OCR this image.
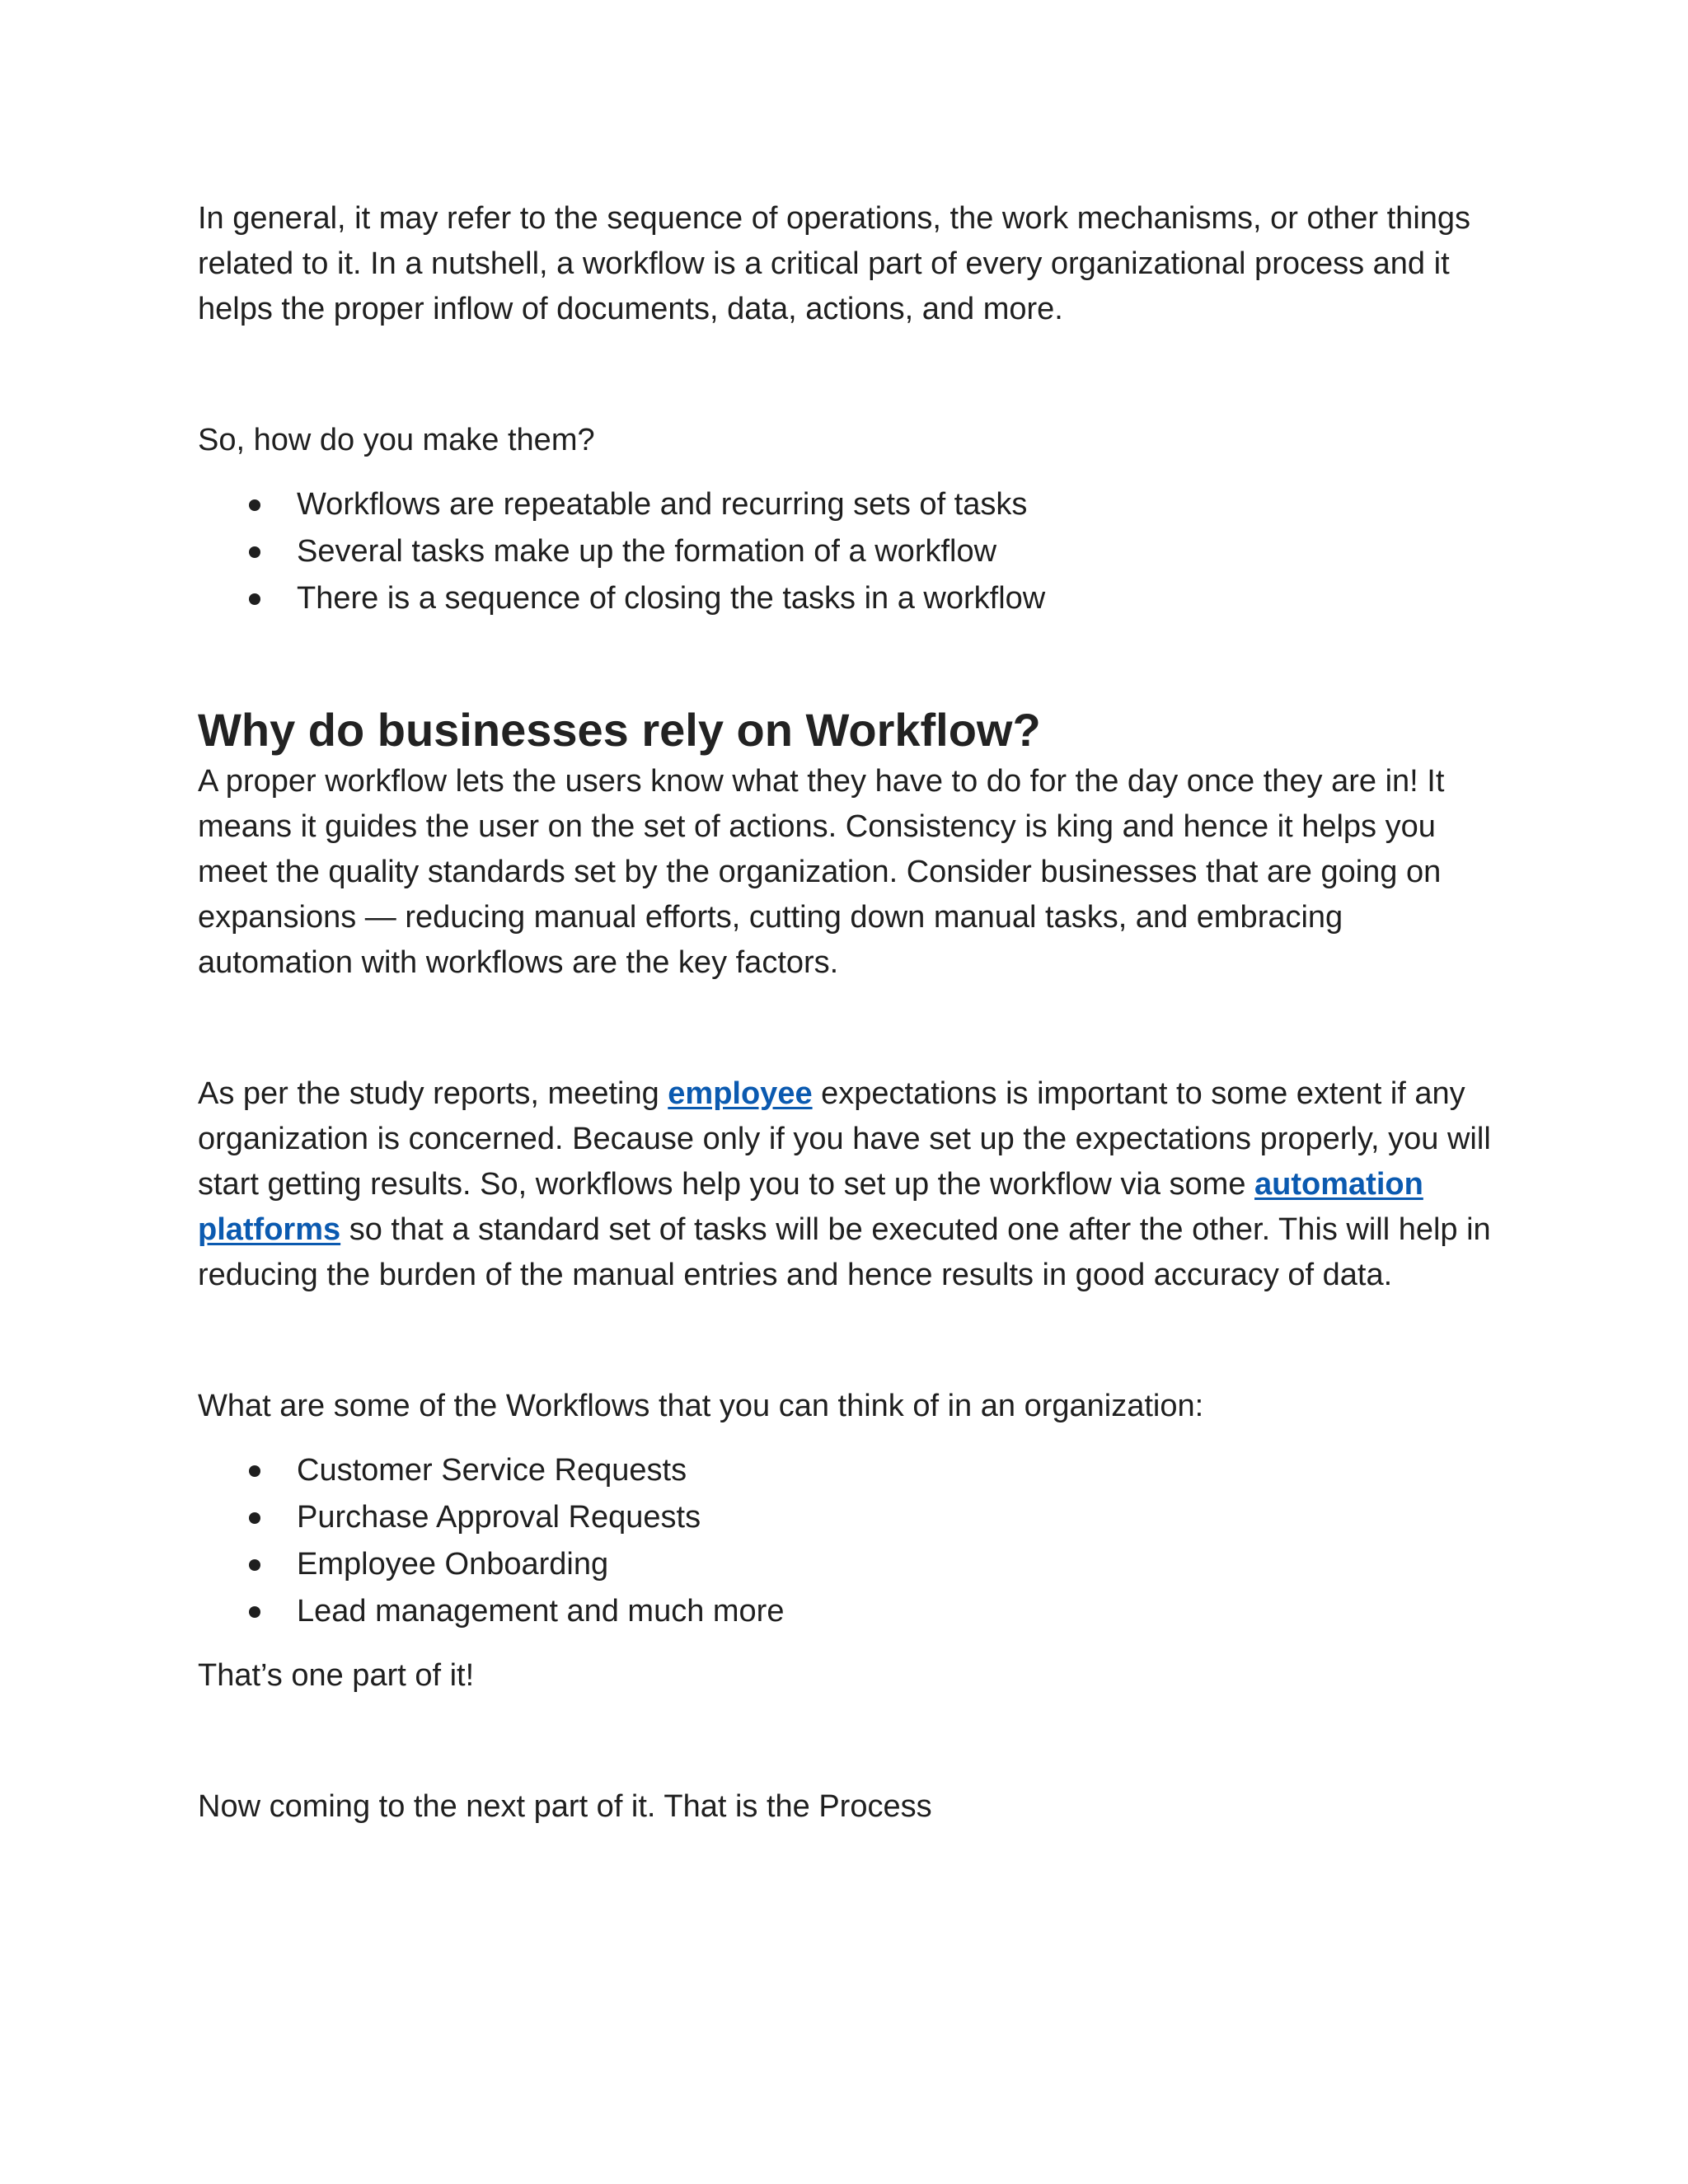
In general, it may refer to the sequence of operations, the work mechanisms, or other things related to it. In a nutshell, a workflow is a critical part of every organizational process and it helps the proper inflow of documents, data, actions, and more.

So, how do you make them?

Workflows are repeatable and recurring sets of tasks
Several tasks make up the formation of a workflow
There is a sequence of closing the tasks in a workflow
Why do businesses rely on Workflow?

A proper workflow lets the users know what they have to do for the day once they are in! It means it guides the user on the set of actions. Consistency is king and hence it helps you meet the quality standards set by the organization. Consider businesses that are going on expansions — reducing manual efforts, cutting down manual tasks, and embracing automation with workflows are the key factors.

As per the study reports, meeting employee expectations is important to some extent if any organization is concerned. Because only if you have set up the expectations properly, you will start getting results. So, workflows help you to set up the workflow via some automation platforms so that a standard set of tasks will be executed one after the other. This will help in reducing the burden of the manual entries and hence results in good accuracy of data.

What are some of the Workflows that you can think of in an organization:

Customer Service Requests
Purchase Approval Requests
Employee Onboarding
Lead management and much more

That’s one part of it!

Now coming to the next part of it. That is the Process
